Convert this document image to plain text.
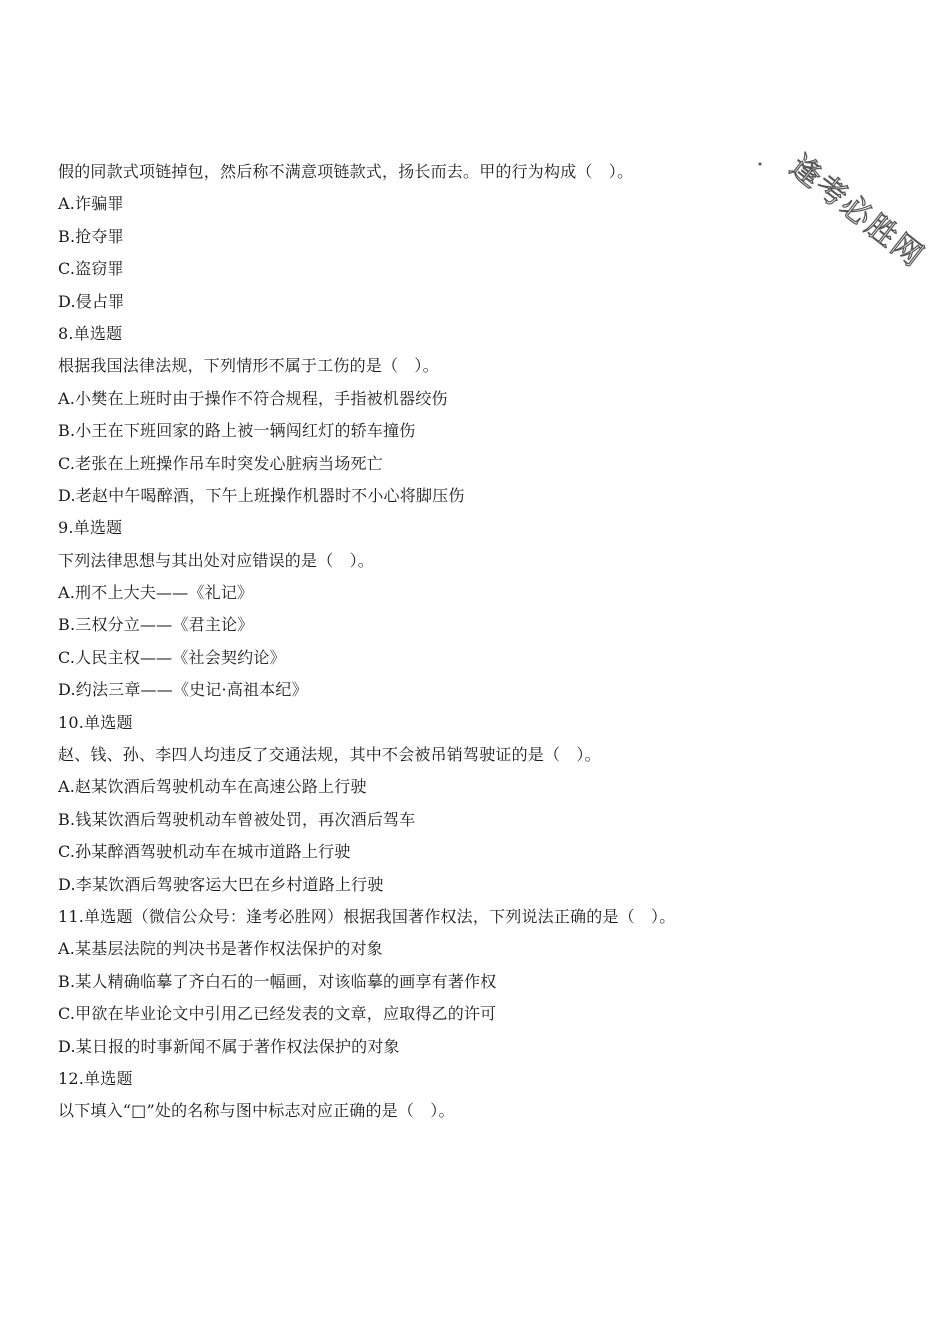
假的同款式项链掉包，然后称不满意项链款式，扬长而去。甲的行为构成（　）。
A.诈骗罪
B.抢夺罪
C.盗窃罪
D.侵占罪
8.单选题
根据我国法律法规，下列情形不属于工伤的是（　）。
A.小樊在上班时由于操作不符合规程，手指被机器绞伤
B.小王在下班回家的路上被一辆闯红灯的轿车撞伤
C.老张在上班操作吊车时突发心脏病当场死亡
D.老赵中午喝醉酒，下午上班操作机器时不小心将脚压伤
9.单选题
下列法律思想与其出处对应错误的是（　）。
A.刑不上大夫——《礼记》
B.三权分立——《君主论》
C.人民主权——《社会契约论》
D.约法三章——《史记·高祖本纪》
10.单选题
赵、钱、孙、李四人均违反了交通法规，其中不会被吊销驾驶证的是（　）。
A.赵某饮酒后驾驶机动车在高速公路上行驶
B.钱某饮酒后驾驶机动车曾被处罚，再次酒后驾车
C.孙某醉酒驾驶机动车在城市道路上行驶
D.李某饮酒后驾驶客运大巴在乡村道路上行驶
11.单选题（微信公众号：逢考必胜网）根据我国著作权法，下列说法正确的是（　）。
A.某基层法院的判决书是著作权法保护的对象
B.某人精确临摹了齐白石的一幅画，对该临摹的画享有著作权
C.甲欲在毕业论文中引用乙已经发表的文章，应取得乙的许可
D.某日报的时事新闻不属于著作权法保护的对象
12.单选题
以下填入“□”处的名称与图中标志对应正确的是（　）。
逢考必胜网
